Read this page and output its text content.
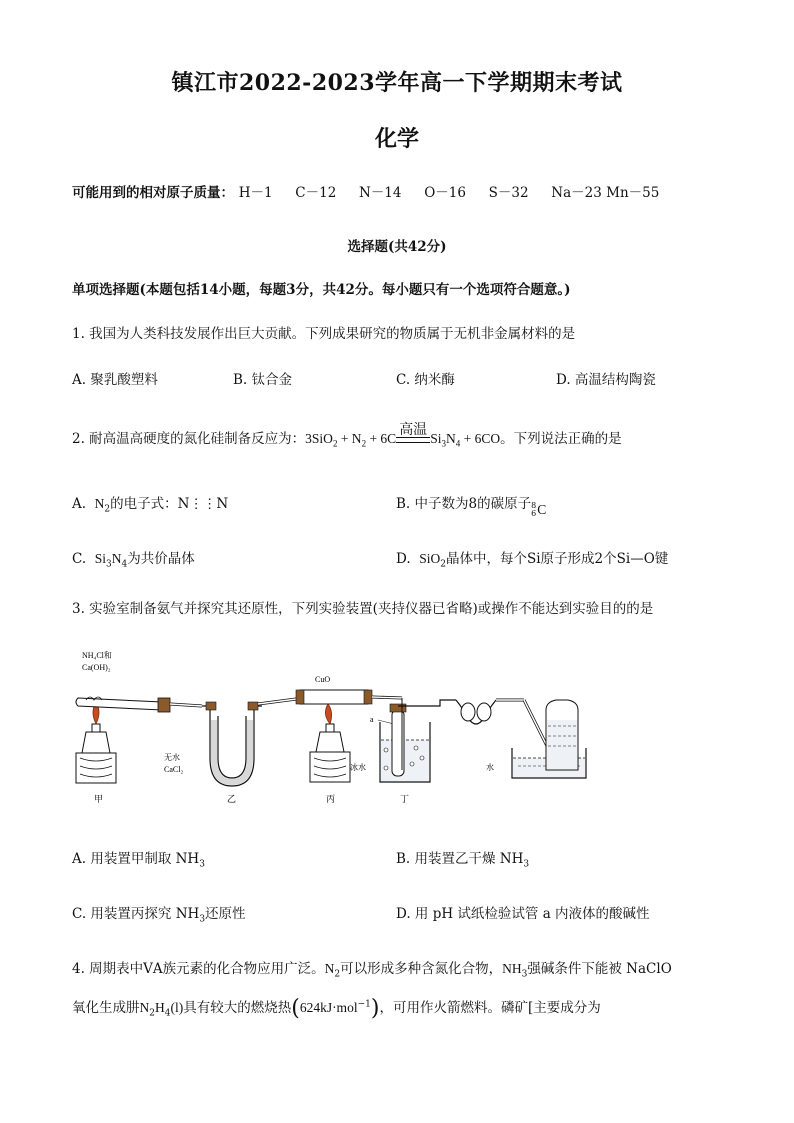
镇江市2022-2023学年高一下学期期末考试
化学
可能用到的相对原子质量： H－1 C－12 N－14 O－16 S－32 Na－23 Mn－55
选择题(共42分)
单项选择题(本题包括14小题，每题3分，共42分。每小题只有一个选项符合题意。)
1. 我国为人类科技发展作出巨大贡献。下列成果研究的物质属于无机非金属材料的是
A. 聚乳酸塑料	B. 钛合金	C. 纳米酶	D. 高温结构陶瓷
2. 耐高温高硬度的氮化硅制备反应为：$3SiO_2 + N_2 + 6C$
高温
$Si_3N_4 + 6CO$。下列说法正确的是
A. $N_2$的电子式：N⋮⋮N	B. 中子数为8的碳原子 8
6 C
C. $Si_3N_4$为共价晶体	D. SiO$_2$晶体中，每个Si原子形成2个Si—O键
3. 实验室制备氨气并探究其还原性，下列实验装置(夹持仪器已省略)或操作不能达到实验目的的是
NH₄Cl和
Ca(OH)₂
无水
CaCl₂
CuO
a
冰水	水
甲	乙	丙	丁
A. 用装置甲制取 $NH_3$	B. 用装置乙干燥 $NH_3$
C. 用装置丙探究 $NH_3$还原性	D. 用 pH 试纸检验试管 a 内液体的酸碱性
4. 周期表中ⅤA族元素的化合物应用广泛。$N_2$可以形成多种含氮化合物，$NH_3$强碱条件下能被 NaClO
氧化生成肼$N_2H_4(l)$具有较大的燃烧热(624kJ·mol$^{-1}$)，可用作火箭燃料。磷矿[主要成分为
